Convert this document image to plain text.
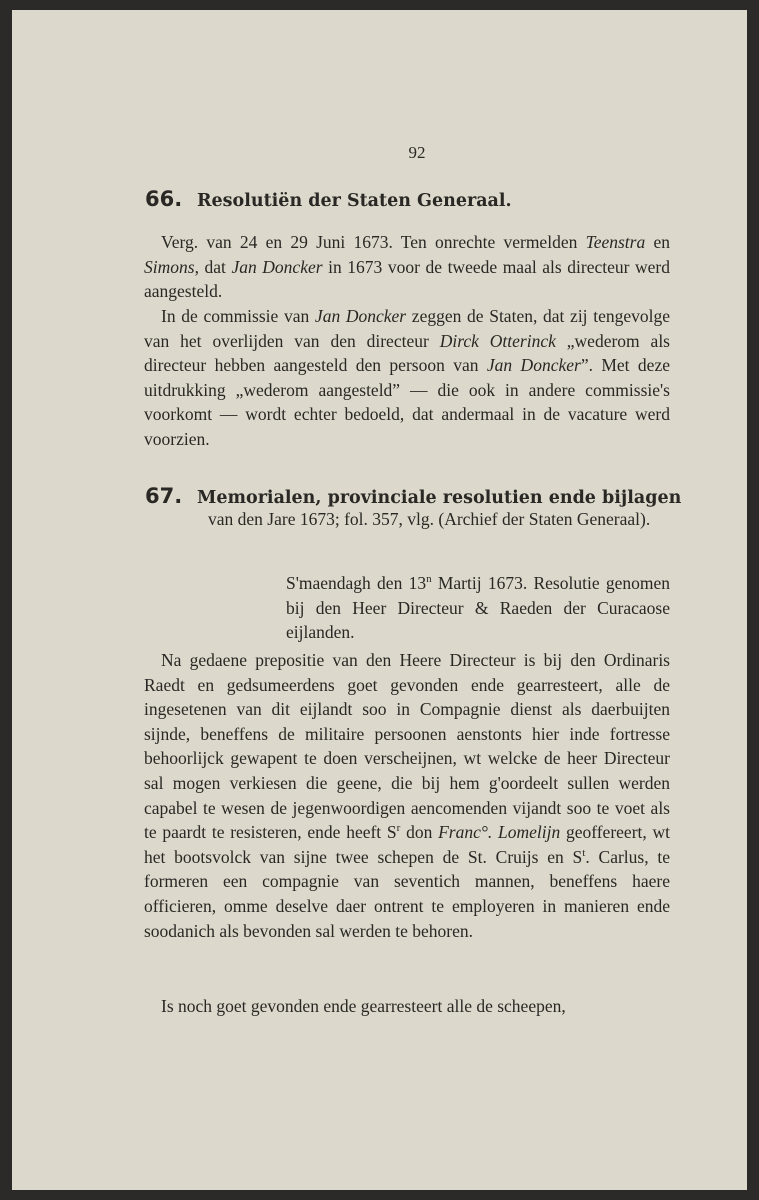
92
66. Resolutiën der Staten Generaal.

Verg. van 24 en 29 Juni 1673. Ten onrechte vermelden Teenstra en Simons, dat Jan Doncker in 1673 voor de tweede maal als directeur werd aangesteld.

In de commissie van Jan Doncker zeggen de Staten, dat zij tengevolge van het overlijden van den directeur Dirck Otterinck „wederom als directeur hebben aangesteld den persoon van Jan Doncker”. Met deze uitdrukking „wederom aangesteld” — die ook in andere commissie's voorkomt — wordt echter bedoeld, dat andermaal in de vacature werd voorzien.

67. Memorialen, provinciale resolutien ende bijlagen

van den Jare 1673; fol. 357, vlg. (Archief der Staten Generaal).

S'maendagh den 13$^n$ Martij 1673. Resolutie genomen bij den Heer Directeur & Raeden der Curacaose eijlanden.

Na gedaene prepositie van den Heere Directeur is bij den Ordinaris Raedt en gedsumeerdens goet gevonden ende gearresteert, alle de ingesetenen van dit eijlandt soo in Compagnie dienst als daerbuijten sijnde, beneffens de militaire persoonen aenstonts hier inde fortresse behoorlijck gewapent te doen verscheijnen, wt welcke de heer Directeur sal mogen verkiesen die geene, die bij hem g'oordeelt sullen werden capabel te wesen de jegenwoordigen aencomenden vijandt soo te voet als te paardt te resisteren, ende heeft $S^r$ don Franc°. Lomelijn geoffereert, wt het bootsvolck van sijne twee schepen de St. Cruijs en $S^t$. Carlus, te formeren een compagnie van seventich mannen, beneffens haere officieren, omme deselve daer ontrent te employeren in manieren ende soodanich als bevonden sal werden te behoren.

Is noch goet gevonden ende gearresteert alle de scheepen,
